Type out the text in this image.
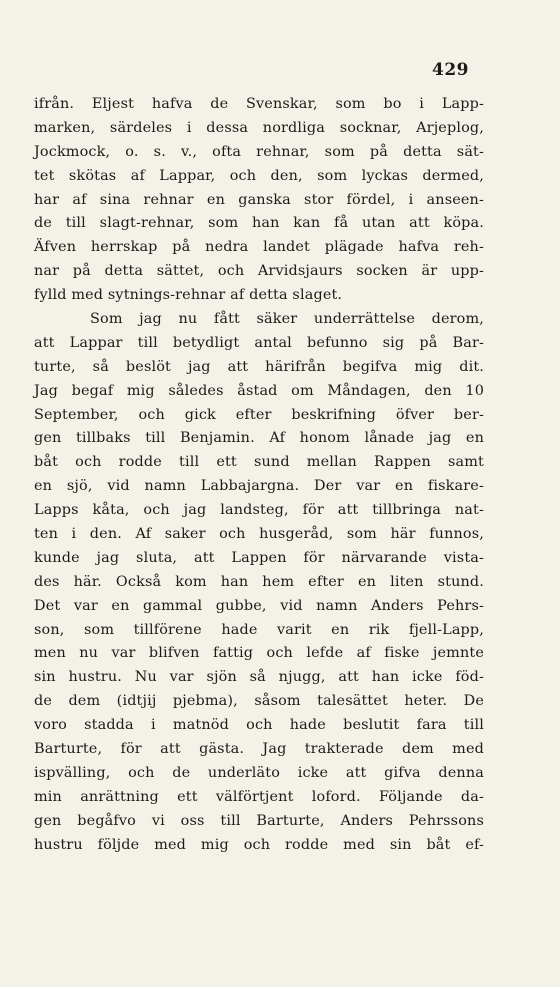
429
ifrån. Eljest hafva de Svenskar, som bo i Lapp-
marken, särdeles i dessa nordliga socknar, Arjeplog,
Jockmock, o. s. v., ofta rehnar, som på detta sät-
tet skötas af Lappar, och den, som lyckas dermed,
har af sina rehnar en ganska stor fördel, i anseen-
de till slagt-rehnar, som han kan få utan att köpa.
Äfven herrskap på nedra landet plägade hafva reh-
nar på detta sättet, och Arvidsjaurs socken är upp-
fylld med sytnings-rehnar af detta slaget.
Som jag nu fått säker underrättelse derom,
att Lappar till betydligt antal befunno sig på Bar-
turte, så beslöt jag att härifrån begifva mig dit.
Jag begaf mig således åstad om Måndagen, den 10
September, och gick efter beskrifning öfver ber-
gen tillbaks till Benjamin. Af honom lånade jag en
båt och rodde till ett sund mellan Rappen samt
en sjö, vid namn Labbajargna. Der var en fiskare-
Lapps kåta, och jag landsteg, för att tillbringa nat-
ten i den. Af saker och husgeråd, som här funnos,
kunde jag sluta, att Lappen för närvarande vista-
des här. Också kom han hem efter en liten stund.
Det var en gammal gubbe, vid namn Anders Pehrs-
son, som tillförene hade varit en rik fjell-Lapp,
men nu var blifven fattig och lefde af fiske jemnte
sin hustru. Nu var sjön så njugg, att han icke föd-
de dem (idtjij pjebma), såsom talesättet heter. De
voro stadda i matnöd och hade beslutit fara till
Barturte, för att gästa. Jag trakterade dem med
ispvälling, och de underläto icke att gifva denna
min anrättning ett välförtjent loford. Följande da-
gen begåfvo vi oss till Barturte, Anders Pehrssons
hustru följde med mig och rodde med sin båt ef-
